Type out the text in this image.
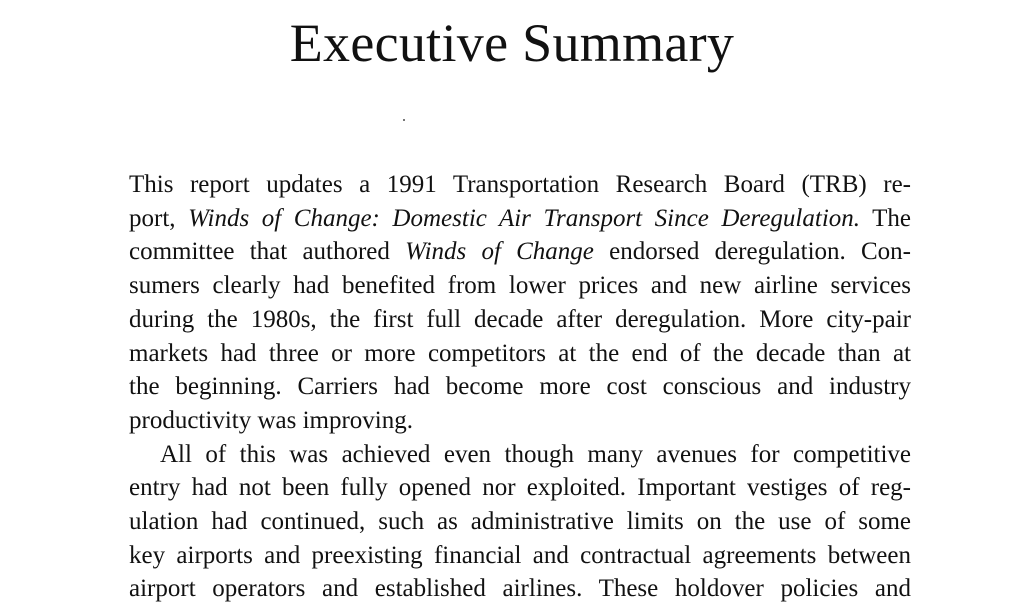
Executive Summary
This report updates a 1991 Transportation Research Board (TRB) re-
port, Winds of Change: Domestic Air Transport Since Deregulation. The
committee that authored Winds of Change endorsed deregulation. Con-
sumers clearly had benefited from lower prices and new airline services
during the 1980s, the first full decade after deregulation. More city-pair
markets had three or more competitors at the end of the decade than at
the beginning. Carriers had become more cost conscious and industry
productivity was improving.
All of this was achieved even though many avenues for competitive
entry had not been fully opened nor exploited. Important vestiges of reg-
ulation had continued, such as administrative limits on the use of some
key airports and preexisting financial and contractual agreements between
airport operators and established airlines. These holdover policies and
